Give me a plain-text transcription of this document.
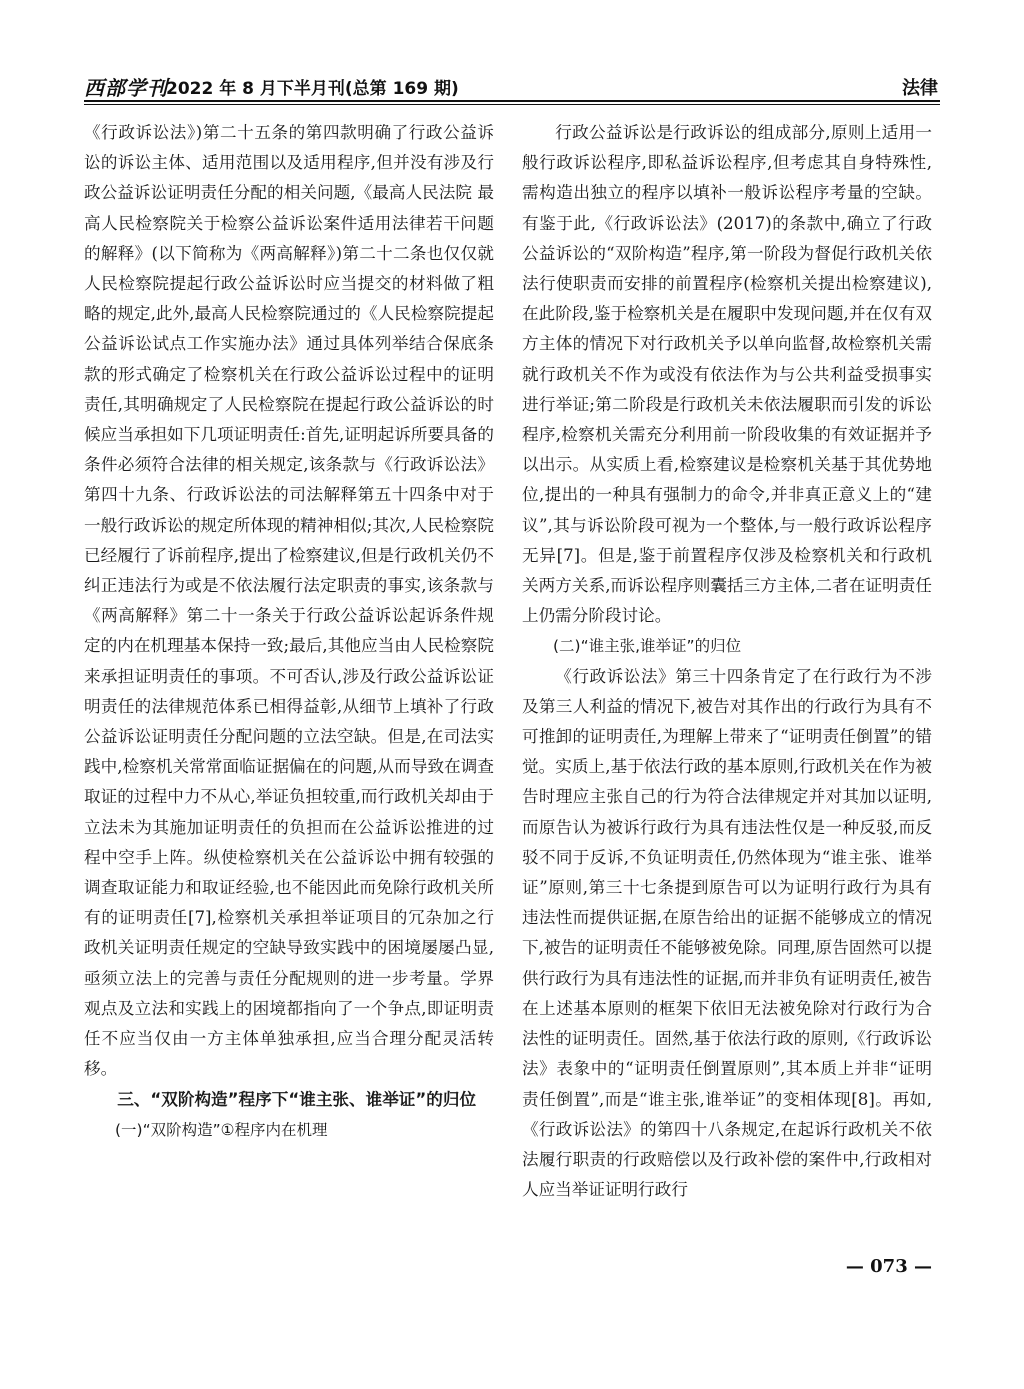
西部学刊
2022 年 8 月下半月刊(总第 169 期)	法律

《行政诉讼法》)第二十五条的第四款明确了行政公益诉讼的诉讼主体、适用范围以及适用程序,但并没有涉及行政公益诉讼证明责任分配的相关问题,《最高人民法院 最高人民检察院关于检察公益诉讼案件适用法律若干问题的解释》(以下简称为《两高解释》)第二十二条也仅仅就人民检察院提起行政公益诉讼时应当提交的材料做了粗略的规定,此外,最高人民检察院通过的《人民检察院提起公益诉讼试点工作实施办法》通过具体列举结合保底条款的形式确定了检察机关在行政公益诉讼过程中的证明责任,其明确规定了人民检察院在提起行政公益诉讼的时候应当承担如下几项证明责任:首先,证明起诉所要具备的条件必须符合法律的相关规定,该条款与《行政诉讼法》第四十九条、行政诉讼法的司法解释第五十四条中对于一般行政诉讼的规定所体现的精神相似;其次,人民检察院已经履行了诉前程序,提出了检察建议,但是行政机关仍不纠正违法行为或是不依法履行法定职责的事实,该条款与《两高解释》第二十一条关于行政公益诉讼起诉条件规定的内在机理基本保持一致;最后,其他应当由人民检察院来承担证明责任的事项。不可否认,涉及行政公益诉讼证明责任的法律规范体系已相得益彰,从细节上填补了行政公益诉讼证明责任分配问题的立法空缺。但是,在司法实践中,检察机关常常面临证据偏在的问题,从而导致在调查取证的过程中力不从心,举证负担较重,而行政机关却由于立法未为其施加证明责任的负担而在公益诉讼推进的过程中空手上阵。纵使检察机关在公益诉讼中拥有较强的调查取证能力和取证经验,也不能因此而免除行政机关所有的证明责任[7],检察机关承担举证项目的冗杂加之行政机关证明责任规定的空缺导致实践中的困境屡屡凸显,亟须立法上的完善与责任分配规则的进一步考量。学界观点及立法和实践上的困境都指向了一个争点,即证明责任不应当仅由一方主体单独承担,应当合理分配灵活转移。

三、“双阶构造”程序下“谁主张、谁举证”的归位

(一)“双阶构造”①程序内在机理

行政公益诉讼是行政诉讼的组成部分,原则上适用一般行政诉讼程序,即私益诉讼程序,但考虑其自身特殊性,需构造出独立的程序以填补一般诉讼程序考量的空缺。有鉴于此,《行政诉讼法》(2017)的条款中,确立了行政公益诉讼的“双阶构造”程序,第一阶段为督促行政机关依法行使职责而安排的前置程序(检察机关提出检察建议),在此阶段,鉴于检察机关是在履职中发现问题,并在仅有双方主体的情况下对行政机关予以单向监督,故检察机关需就行政机关不作为或没有依法作为与公共利益受损事实进行举证;第二阶段是行政机关未依法履职而引发的诉讼程序,检察机关需充分利用前一阶段收集的有效证据并予以出示。从实质上看,检察建议是检察机关基于其优势地位,提出的一种具有强制力的命令,并非真正意义上的“建议”,其与诉讼阶段可视为一个整体,与一般行政诉讼程序无异[7]。但是,鉴于前置程序仅涉及检察机关和行政机关两方关系,而诉讼程序则囊括三方主体,二者在证明责任上仍需分阶段讨论。

(二)“谁主张,谁举证”的归位

《行政诉讼法》第三十四条肯定了在行政行为不涉及第三人利益的情况下,被告对其作出的行政行为具有不可推卸的证明责任,为理解上带来了“证明责任倒置”的错觉。实质上,基于依法行政的基本原则,行政机关在作为被告时理应主张自己的行为符合法律规定并对其加以证明,而原告认为被诉行政行为具有违法性仅是一种反驳,而反驳不同于反诉,不负证明责任,仍然体现为“谁主张、谁举证”原则,第三十七条提到原告可以为证明行政行为具有违法性而提供证据,在原告给出的证据不能够成立的情况下,被告的证明责任不能够被免除。同理,原告固然可以提供行政行为具有违法性的证据,而并非负有证明责任,被告在上述基本原则的框架下依旧无法被免除对行政行为合法性的证明责任。固然,基于依法行政的原则,《行政诉讼法》表象中的“证明责任倒置原则”,其本质上并非“证明责任倒置”,而是“谁主张,谁举证”的变相体现[8]。再如,《行政诉讼法》的第四十八条规定,在起诉行政机关不依法履行职责的行政赔偿以及行政补偿的案件中,行政相对人应当举证证明行政行

— 073 —
